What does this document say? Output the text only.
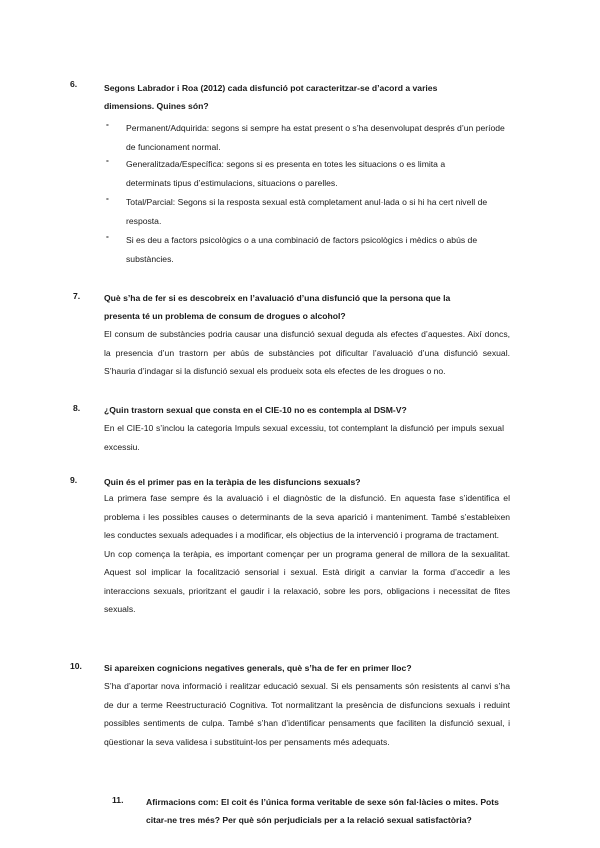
6.	Segons Labrador i Roa (2012) cada disfunció pot caracteritzar-se d’acord a varies dimensions. Quines són?
- Permanent/Adquirida: segons si sempre ha estat present o s’ha desenvolupat després d’un període de funcionament normal.
- Generalitzada/Específica: segons si es presenta en totes les situacions o es limita a determinats tipus d’estimulacions, situacions o parelles.
- Total/Parcial: Segons si la resposta sexual està completament anul·lada o si hi ha cert nivell de resposta.
- Si es deu a factors psicològics o a una combinació de factors psicològics i mèdics o abús de substàncies.
7.	Què s’ha de fer si es descobreix en l’avaluació d’una disfunció que la persona que la presenta té un problema de consum de drogues o alcohol?
El consum de substàncies podria causar una disfunció sexual deguda als efectes d’aquestes. Així doncs, la presencia d’un trastorn per abús de substàncies pot dificultar l’avaluació d’una disfunció sexual. S’hauria d’indagar si la disfunció sexual els produeix sota els efectes de les drogues o no.
8.	¿Quin trastorn sexual que consta en el CIE-10 no es contempla al DSM-V?
En el CIE-10 s’inclou la categoria Impuls sexual excessiu, tot contemplant la disfunció per impuls sexual excessiu.
9.	Quin és el primer pas en la teràpia de les disfuncions sexuals?

La primera fase sempre és la avaluació i el diagnòstic de la disfunció. En aquesta fase s’identifica el problema i les possibles causes o determinants de la seva aparició i manteniment. També s’estableixen les conductes sexuals adequades i a modificar, els objectius de la intervenció i programa de tractament.

Un cop comença la teràpia, es important començar per un programa general de millora de la sexualitat. Aquest sol implicar la focalització sensorial i sexual. Està dirigit a canviar la forma d’accedir a les interaccions sexuals, prioritzant el gaudir i la relaxació, sobre les pors, obligacions i necessitat de fites sexuals.

10.	Si apareixen cognicions negatives generals, què s’ha de fer en primer lloc?
S’ha d’aportar nova informació i realitzar educació sexual. Si els pensaments són resistents al canvi s’ha de dur a terme Reestructuració Cognitiva. Tot normalitzant la presència de disfuncions sexuals i reduint possibles sentiments de culpa. També s’han d’identificar pensaments que faciliten la disfunció sexual, i qüestionar la seva validesa i substituint-los per pensaments més adequats.
11.	Afirmacions com: El coit és l’única forma veritable de sexe són fal·làcies o mites. Pots citar-ne tres més? Per què són perjudicials per a la relació sexual satisfactòria?
